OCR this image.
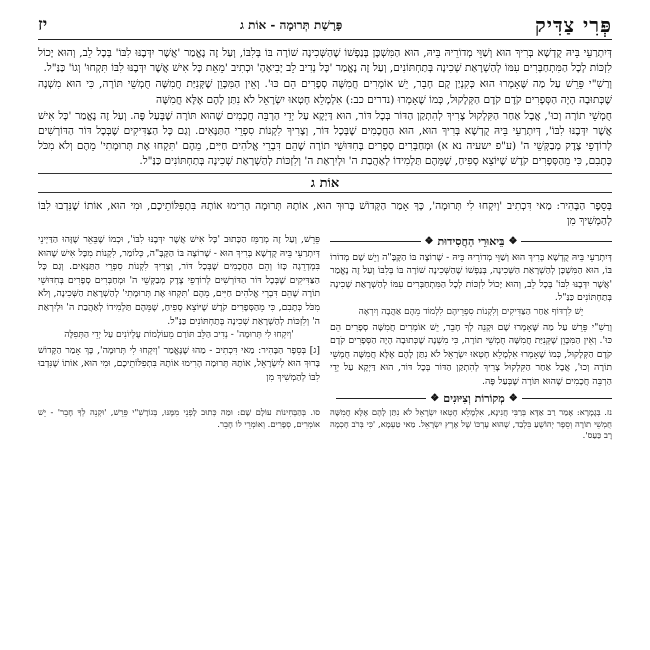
פְּרִי צַדִּיק
פָּרָשַׁת תְּרוּמָה - אוֹת ג
יז

דְּיִתְרַעֵי בֵּיהּ קֻדְשָׁא בְּרִיךְ הוּא וְשַׁוֵּי מְדוֹרֵיהּ בֵּיהּ, הוּא הַמִּשְׁכָּן בְּנַפְשׁוֹ שֶׁהַשְּׁכִינָה שׁוֹרָה בּוֹ בְּלִבּוֹ, וְעַל זֶה נֶאֱמַר 'אֲשֶׁר יִדְּבֶנּוּ לִבּוֹ' בְּכָל לֵב, וְהוּא יָכוֹל לִזְכּוֹת לְכָל הַמִּתְחַבְּרִים עִמּוֹ לְהַשְׁרָאַת שְׁכִינָה בְּתַחְתּוֹנִים, וְעַל זֶה נֶאֱמַר 'כָּל נְדִיב לֵב יְבִיאֶהָ' וּכְתִיב 'מֵאֵת כָּל אִישׁ אֲשֶׁר יִדְּבֶנּוּ לִבּוֹ תִּקְחוּ' וְגוֹ' כַּנַּ"ל.

וְרַשִׁ"י פֵּרֵשׁ עַל מַה שֶּׁאָמְרוּ הוּא כְּקִנְיַן קָם חָבֵר, יֵשׁ אוֹמְרִים חֲמִשָּׁה סְפָרִים הֵם כּוּ'. וְאֵין הַמִּכָּוֵן שֶׁקְּנִיַּת חֲמִשָּׁה חֻמְשֵׁי תּוֹרָה, כִּי הוּא מִשְׁנָה שֶׁכְּתוּבָה הָיָה הַסְּפָרִים קֹדֶם קֹדֶם הַקְּלָקוּל, כְּמוֹ שֶׁאָמְרוּ (נדרים כב:) אִלְמָלֵא חָטְאוּ יִשְׂרָאֵל לֹא נִתַּן לָהֶם אֶלָּא חֲמִשָּׁה

חֻמְשֵׁי תוֹרָה וְכוּ', אֲבָל אַחַר הַקִּלְקוּל צָרִיךְ לְהִתְקַן הַדּוֹר בְּכָל דּוֹר, הוּא דַּיְקָא עַל יְדֵי הַרְבֵּה חֲכָמִים שֶׁהוּא תּוֹרָה שֶׁבְּעַל פֶּה. וְעַל זֶה נֶאֱמַר 'כָּל אִישׁ אֲשֶׁר יִדְּבֶנּוּ לִבּוֹ', דְּיִתְרַעֵי בֵּיהּ קֻדְשָׁא בְּרִיךְ הוּא, הוּא הַחֲכָמִים שֶׁבְּכָל דּוֹר, וְצָרִיךְ לִקְנוֹת סִפְרֵי הַתַּנָּאִים. וְגַם כָּל הַצַּדִּיקִים שֶׁבְּכָל דּוֹר הַדּוֹרְשִׁים לְרוֹדְפֵי צֶדֶק מְבַקְּשֵׁי ה' (ע"פ ישעיה נא א) וּמְחַבְּרִים סְפָרִים בְּחִדּוּשֵׁי תוֹרָה שֶׁהֵם דִּבְרֵי אֱלֹהִים חַיִּים, מֵהֶם 'תִּקְחוּ אֶת תְּרוּמָתִי' מֵהֶם וְלֹא מִכֹּל כְּתָבִם, כִּי מֵהַסְּפָרִים קֹדֶשׁ שֶׁיּוֹצֵא סְפִיחַ, שֶׁמֵּהֶם תַּלְמִידוֹ לְאַהֲבַת ה' וּלְיִרְאַת ה' וְלִזְכּוֹת לְהַשְׁרָאַת שְׁכִינָה בְּתַחְתּוֹנִים כַּנַּ"ל.

אוֹת ג

בְּסֵפֶר הַבָּהִיר: מַאי דִּכְתִיב 'וְיִקְחוּ לִי תְּרוּמָה', כָּךְ אָמַר הַקָּדוֹשׁ בָּרוּךְ הוּא, אוֹתָהּ תְּרוּמָה הָרִימוּ אוֹתָהּ בִּתְפִלּוֹתֵיכֶם, וּמִי הוּא, אוֹתוֹ שֶׁנִּדְבוּ לִבּוֹ לְהַמְשִׁיךְ מִן

❖
בֵּיאוּרֵי הַחֲסִידוּת
❖

דְּיִתְרַעֵי בֵּיהּ קֻדְשָׁא בְּרִיךְ הוּא וְשַׁוֵּי מְדוֹרֵיהּ בֵּיהּ - שֶׁרוֹצֶה בּוֹ הַקָּבָּ"ה וְיֵשׁ שָׁם מְדוֹרוֹ בּוֹ, הוּא הַמִּשְׁכָּן לְהַשְׁרָאַת הַשְּׁכִינָה, בְּנַפְשׁוֹ שֶׁהַשְּׁכִינָה שׁוֹרָה בּוֹ בְּלִבּוֹ וְעַל זֶה נֶאֱמַר 'אֲשֶׁר יִדְּבֶנּוּ לִבּוֹ' בְּכָל לֵב, וְהוּא יָכוֹל לִזְכּוֹת לְכָל הַמִּתְחַבְּרִים עִמּוֹ לְהַשְׁרָאַת שְׁכִינָה בְּתַחְתּוֹנִים כַּנַּ"ל.

יֵשׁ לִרְדּוֹף אַחַר הַצַּדִּיקִים וְלִקְנוֹת סִפְרֵיהֶם לִלְמוֹד מֵהֶם אַהֲבָה וְיִרְאָה

וְרַשִׁ"י פֵּרֵשׁ עַל מַה שֶּׁאָמְרוּ שָׁם וּקְנֵה לְךָ חָבֵר, יֵשׁ אוֹמְרִים חֲמִשָּׁה סְפָרִים הֵם כּוּ'. וְאֵין הַמִּכָּוֵן שֶׁקְּנִיַּת חֲמִשָּׁה חֻמְשֵׁי תוֹרָה, כִּי מִשְׁנָה שֶׁכְּתוּבָה הָיָה הַסְּפָרִים קֹדֶם קֹדֶם הַקְּלָקוּל, כְּמוֹ שֶׁאָמְרוּ אִלְמָלֵא חָטְאוּ יִשְׂרָאֵל לֹא נִתַּן לָהֶם אֶלָּא חֲמִשָּׁה חֻמְשֵׁי תוֹרָה וְכוּ', אֲבָל אַחַר הַקִּלְקוּל צָרִיךְ לְהִתְקַן הַדּוֹר בְּכָל דּוֹר, הוּא דַּיְקָא עַל יְדֵי הַרְבֵּה חֲכָמִים שֶׁהוּא תּוֹרָה שֶׁבְּעַל פֶּה.

פֵּרֵשׁ, וְעַל זֶה מְרַמֵּז הַכָּתוּב 'כָּל אִישׁ אֲשֶׁר יִדְּבֶנּוּ לִבּוֹ', וּכְמוֹ שֶׁבֵּאֵר שֶׁזֶּהוּ הַדַּיְינֵי דְּיִתְרַעֵי בֵּיהּ קֻדְשָׁא בְּרִיךְ הוּא - שֶׁרוֹצֶה בּוֹ הַקָּבָּ"ה, כְּלוֹמַר, לִקְנוֹת מִכָּל אִישׁ שֶׁהוּא בִּמְדְרֵגָה כָּזוֹ וְהֵם הַחֲכָמִים שֶׁבְּכָל דּוֹר, וְצָרִיךְ לִקְנוֹת סִפְרֵי הַתַּנָּאִים. וְגַם כָּל הַצַּדִּיקִים שֶׁבְּכָל דּוֹר הַדּוֹרְשִׁים לְרוֹדְפֵי צֶדֶק מְבַקְּשֵׁי ה' וּמְחַבְּרִים סְפָרִים בְּחִדּוּשֵׁי תוֹרָה שֶׁהֵם דִּבְרֵי אֱלֹהִים חַיִּים, מֵהֶם 'תִּקְחוּ אֶת תְּרוּמָתִי' לְהַשְׁרָאַת הַשְּׁכִינָה, וְלֹא מִכֹּל כְּתָבִם, כִּי מֵהַסְּפָרִים קֹדֶשׁ שֶׁיּוֹצֵא סְפִיחַ, שֶׁמֵּהֶם תַּלְמִידוֹ לְאַהֲבַת ה' וּלְיִרְאַת ה' וְלִזְכּוֹת לְהַשְׁרָאַת שְׁכִינָה בְּתַחְתּוֹנִים כַּנַּ"ל.

'וְיִקְחוּ לִי תְּרוּמָה' - נְדִיב הַלֵּב תּוֹרַם מֵעוֹלָמוֹת עֶלְיוֹנִים עַל יְדֵי הַתְּפִלָּה

[ג] בְּסֵפֶר הַבָּהִיר: מַאי דִּכְתִיב - מַהוּ שֶׁנֶּאֱמַר 'וְיִקְחוּ לִי תְּרוּמָה', כָּךְ אָמַר הַקָּדוֹשׁ בָּרוּךְ הוּא לְיִשְׂרָאֵל, אוֹתָהּ תְּרוּמָה הָרִימוּ אוֹתָהּ בִּתְפִלּוֹתֵיכֶם, וּמִי הוּא, אוֹתוֹ שֶׁנִּדְבוּ לִבּוֹ לְהַמְשִׁיךְ מִן

❖
מְקוֹרוֹת וְצִיּוּנִים
❖
נז. בְּגָמָרָא: אָמַר רַב אַדָּא בְּרַבִּי חֲנִינָא, אִלְמָלֵא חָטְאוּ יִשְׂרָאֵל לֹא נִתַּן לָהֶם אֶלָּא חֲמִשָּׁה חֻמְשֵׁי תוֹרָה וְסֵפֶר יְהוֹשֻׁעַ בִּלְבַד, שֶׁהוּא עֶרְכּוֹ שֶׁל אֶרֶץ יִשְׂרָאֵל. מַאי טַעְמָא, 'כִּי בְּרֹב חָכְמָה רָב כַּעַס'.
סו. בְּהַבְּחִינוֹת עוֹלָם שָׁם: וּמַה כְּתוּב לָפְנֵי מִמֶּנּוּ, בְּגוֹרָשִׁ"י פֵּרֵשׁ, 'וּקְנֵה לְךָ חָבֵר' - יֵשׁ אוֹמְרִים, סְפָרִים. וְאוֹמְרֵי לוֹ חָבֵר.
